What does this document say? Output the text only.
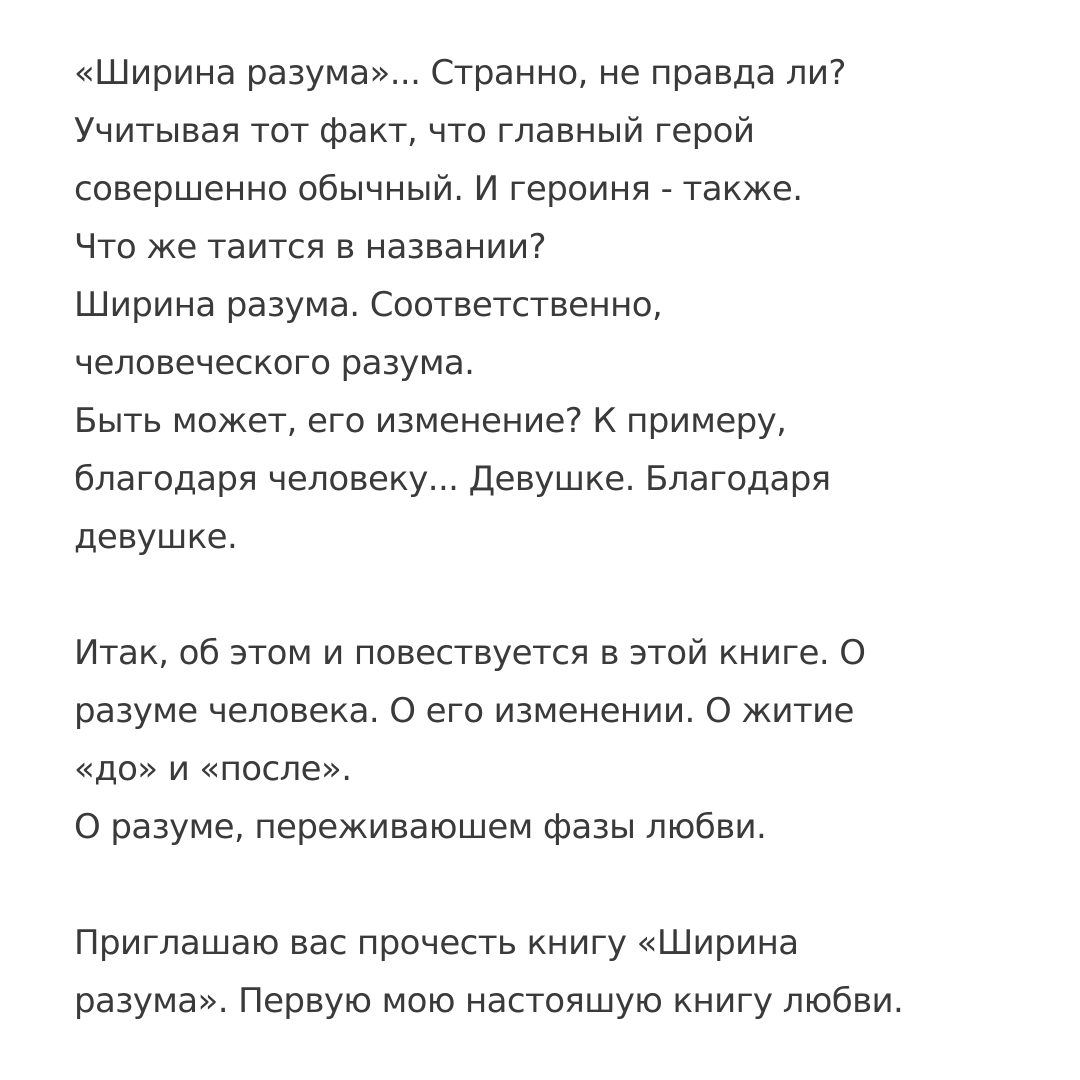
«Ширина разума»... Странно, не правда ли?
Учитывая тот факт, что главный герой
совершенно обычный. И героиня - также.
Что же таится в названии?
Ширина разума. Соответственно,
человеческого разума.
Быть может, его изменение? К примеру,
благодаря человеку... Девушке. Благодаря
девушке.
Итак, об этом и повествуется в этой книге. О
разуме человека. О его изменении. О житие
«до» и «после».
О разуме, переживаюшем фазы любви.
Приглашаю вас прочесть книгу «Ширина
разума». Первую мою настояшую книгу любви.
